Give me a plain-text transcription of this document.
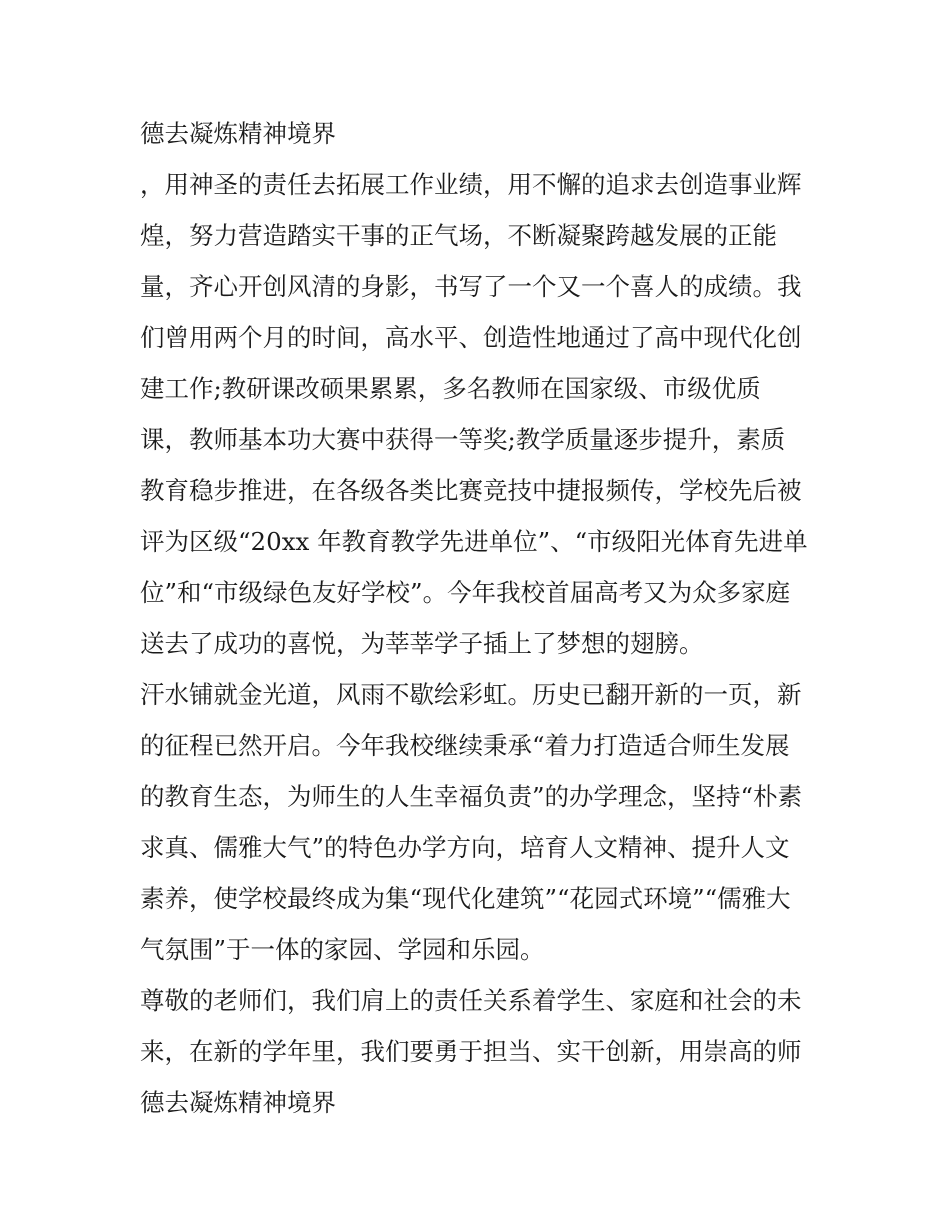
德去凝炼精神境界
，用神圣的责任去拓展工作业绩，用不懈的追求去创造事业辉
煌，努力营造踏实干事的正气场，不断凝聚跨越发展的正能
量，齐心开创风清的身影，书写了一个又一个喜人的成绩。我
们曾用两个月的时间，高水平、创造性地通过了高中现代化创
建工作;教研课改硕果累累，多名教师在国家级、市级优质
课，教师基本功大赛中获得一等奖;教学质量逐步提升，素质
教育稳步推进，在各级各类比赛竞技中捷报频传，学校先后被
评为区级“20xx 年教育教学先进单位”、“市级阳光体育先进单
位”和“市级绿色友好学校”。今年我校首届高考又为众多家庭
送去了成功的喜悦，为莘莘学子插上了梦想的翅膀。
汗水铺就金光道，风雨不歇绘彩虹。历史已翻开新的一页，新
的征程已然开启。今年我校继续秉承“着力打造适合师生发展
的教育生态，为师生的人生幸福负责”的办学理念，坚持“朴素
求真、儒雅大气”的特色办学方向，培育人文精神、提升人文
素养，使学校最终成为集“现代化建筑”“花园式环境”“儒雅大
气氛围”于一体的家园、学园和乐园。
尊敬的老师们，我们肩上的责任关系着学生、家庭和社会的未
来，在新的学年里，我们要勇于担当、实干创新，用崇高的师
德去凝炼精神境界
